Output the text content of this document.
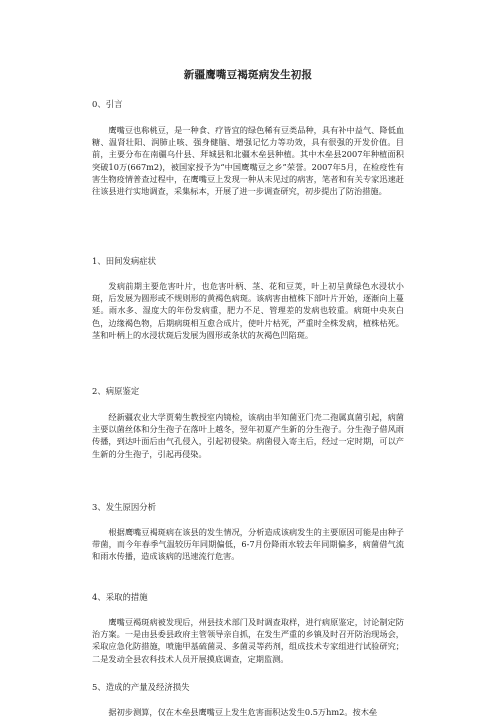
新疆鹰嘴豆褐斑病发生初报
0、引言
鹰嘴豆也称桃豆，是一种食、疗皆宜的绿色稀有豆类品种，具有补中益气、降低血糖、温肾壮阳、润肺止咳、强身健脑、增强记忆力等功效，具有很强的开发价值。目前，主要分布在南疆乌什县、拜城县和北疆木垒县种植。其中木垒县2007年种植面积突破10万(667m2)，被国家授予为“中国鹰嘴豆之乡”荣誉。2007年5月，在检疫性有害生物疫情普查过程中，在鹰嘴豆上发现一种从未见过的病害，笔者和有关专家迅速赶往该县进行实地调查，采集标本，开展了进一步调查研究，初步提出了防治措施。
1、田间发病症状
发病前期主要危害叶片，也危害叶柄、茎、花和豆荚，叶上初呈黄绿色水浸状小斑，后发展为圆形或不规则形的黄褐色病斑。该病害由植株下部叶片开始，逐渐向上蔓延。雨水多、湿度大的年份发病重，肥力不足、管理差的发病也较重。病斑中央灰白色，边缘褐色物，后期病斑相互愈合成片，使叶片枯死，严重时全株发病，植株枯死。茎和叶柄上的水浸状斑后发展为圆形或条状的灰褐色凹陷斑。
2、病原鉴定
经新疆农业大学贾菊生教授室内镜检，该病由半知菌亚门壳二孢属真菌引起，病菌主要以菌丝体和分生孢子在落叶上越冬，翌年初夏产生新的分生孢子。分生孢子借风雨传播，到达叶面后由气孔侵入，引起初侵染。病菌侵入寄主后，经过一定时期，可以产生新的分生孢子，引起再侵染。
3、发生原因分析
根据鹰嘴豆褐斑病在该县的发生情况，分析造成该病发生的主要原因可能是由种子带菌，而今年春季气温较历年同期偏低，6-7月份降雨水较去年同期偏多，病菌借气流和雨水传播，造成该病的迅速流行危害。
4、采取的措施
鹰嘴豆褐斑病被发现后，州县技术部门及时调查取样，进行病原鉴定，讨论制定防治方案。一是由县委县政府主管领导亲自抓，在发生严重的乡镇及时召开防治现场会，采取应急化防措施，喷施甲基硫菌灵、多菌灵等药剂，组成技术专家组进行试验研究；二是发动全县农科技术人员开展摸底调查，定期监测。
5、造成的产量及经济损失
据初步测算，仅在木垒县鹰嘴豆上发生危害面积达发生0.5万hm2。按木垒
